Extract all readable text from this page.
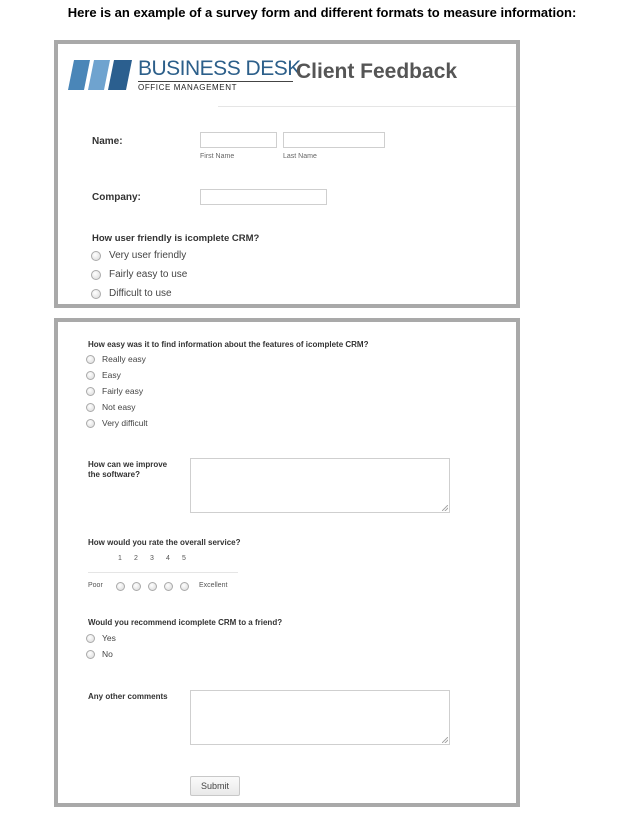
Here is an example of a survey form and different formats to measure information:
BUSINESS DESK
OFFICE MANAGEMENT
Client Feedback
Name:
First Name	Last Name
Company:
How user friendly is icomplete CRM?
Very user friendly
Fairly easy to use
Difficult to use
How easy was it to find information about the features of icomplete CRM?
Really easy
Easy
Fairly easy
Not easy
Very difficult
How can we improve
the software?
How would you rate the overall service?
1	2	3	4	5
Poor	Excellent
Would you recommend icomplete CRM to a friend?
Yes
No
Any other comments
Submit
